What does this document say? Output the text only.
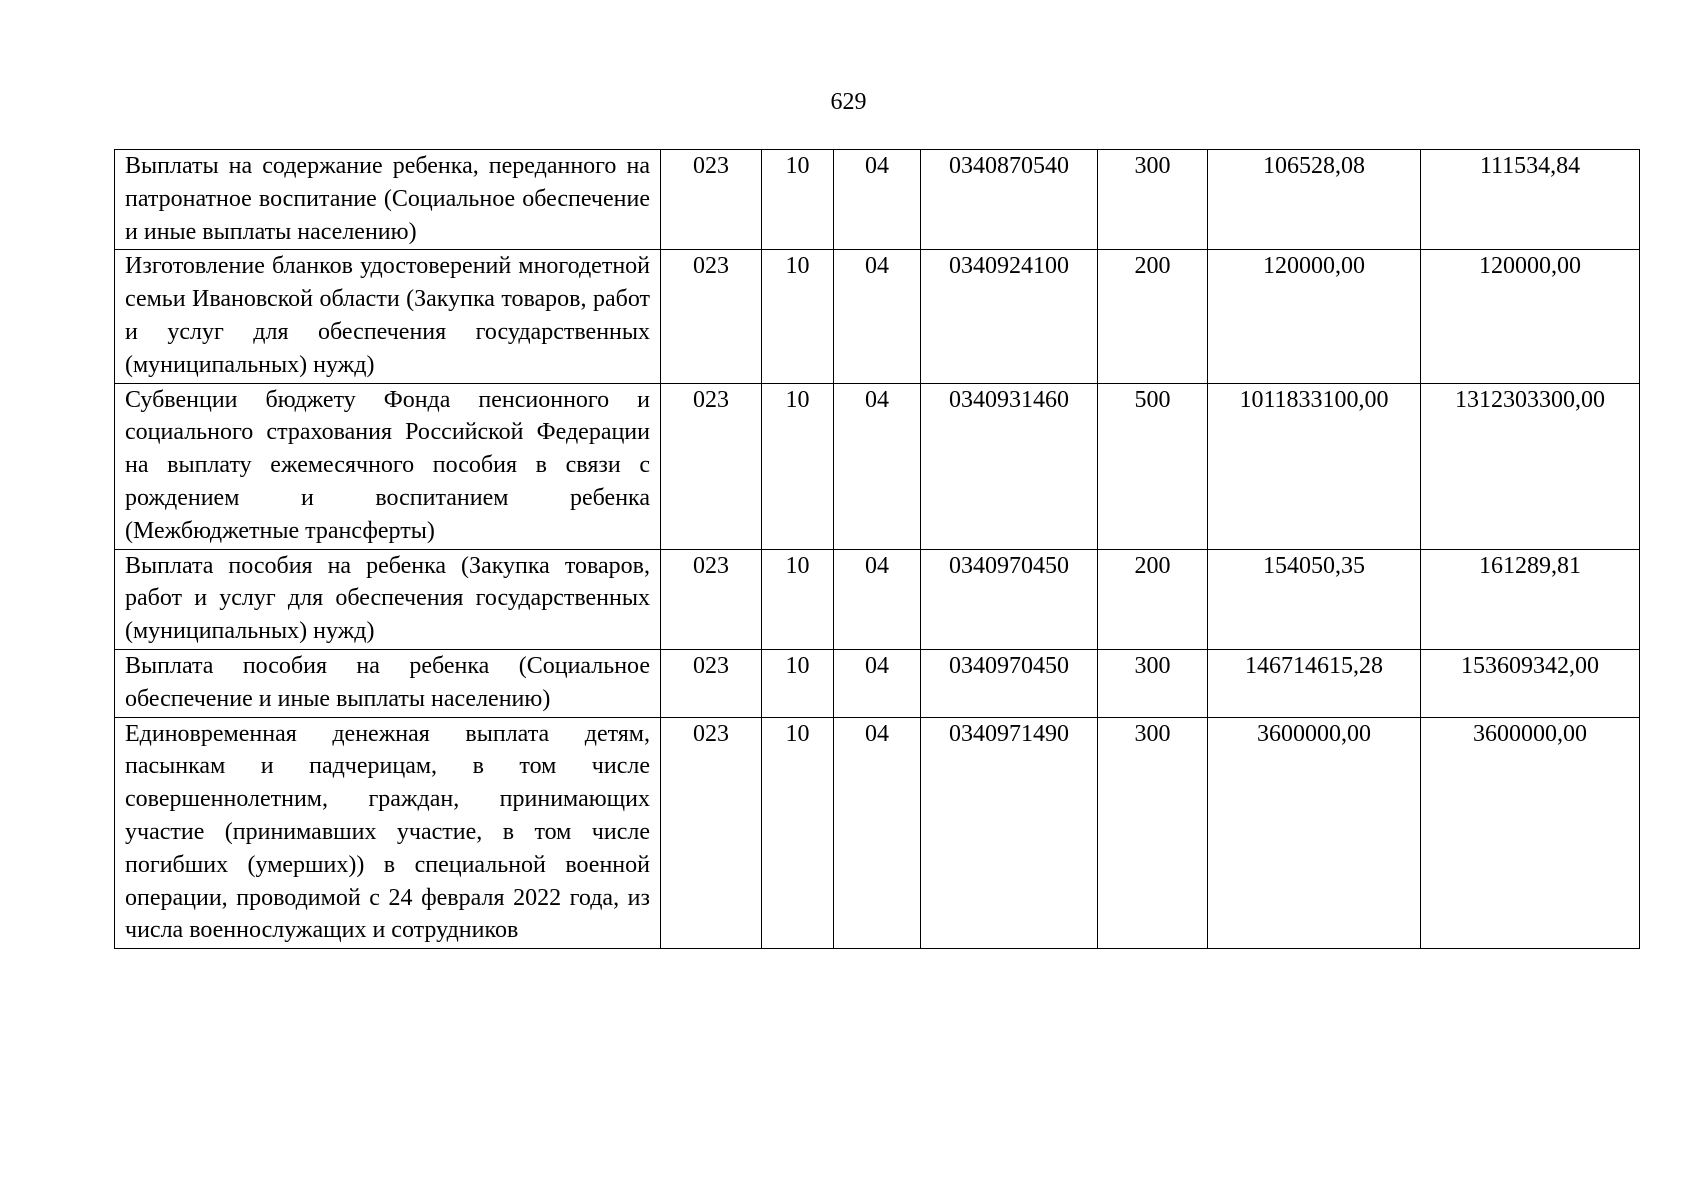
629
Выплаты на содержание ребенка, переданного на патронатное воспитание (Социальное обеспечение и иные выплаты населению)	023	10	04	0340870540	300	106528,08	111534,84
Изготовление бланков удостоверений многодетной семьи Ивановской области (Закупка товаров, работ и услуг для обеспечения государственных (муниципальных) нужд)	023	10	04	0340924100	200	120000,00	120000,00
Субвенции бюджету Фонда пенсионного и социального страхования Российской Федерации на выплату ежемесячного пособия в связи с рождением и воспитанием ребенка (Межбюджетные трансферты)	023	10	04	0340931460	500	1011833100,00	1312303300,00
Выплата пособия на ребенка (Закупка товаров, работ и услуг для обеспечения государственных (муниципальных) нужд)	023	10	04	0340970450	200	154050,35	161289,81
Выплата пособия на ребенка (Социальное обеспечение и иные выплаты населению)	023	10	04	0340970450	300	146714615,28	153609342,00
Единовременная денежная выплата детям, пасынкам и падчерицам, в том числе совершеннолетним, граждан, принимающих участие (принимавших участие, в том числе погибших (умерших)) в специальной военной операции, проводимой с 24 февраля 2022 года, из числа военнослужащих и сотрудников	023	10	04	0340971490	300	3600000,00	3600000,00
